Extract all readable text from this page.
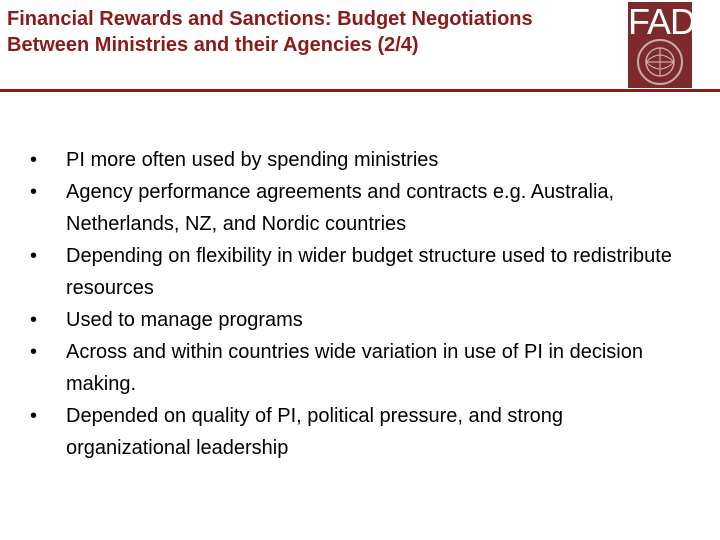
Financial Rewards and Sanctions: Budget Negotiations Between Ministries and their Agencies (2/4)
FAD
• PI more often used by spending ministries
• Agency performance agreements and contracts e.g. Australia, Netherlands, NZ, and Nordic countries
• Depending on flexibility in wider budget structure used to redistribute resources
• Used to manage programs
• Across and within countries wide variation in use of PI in decision making.
• Depended on quality of PI, political pressure, and strong organizational leadership
